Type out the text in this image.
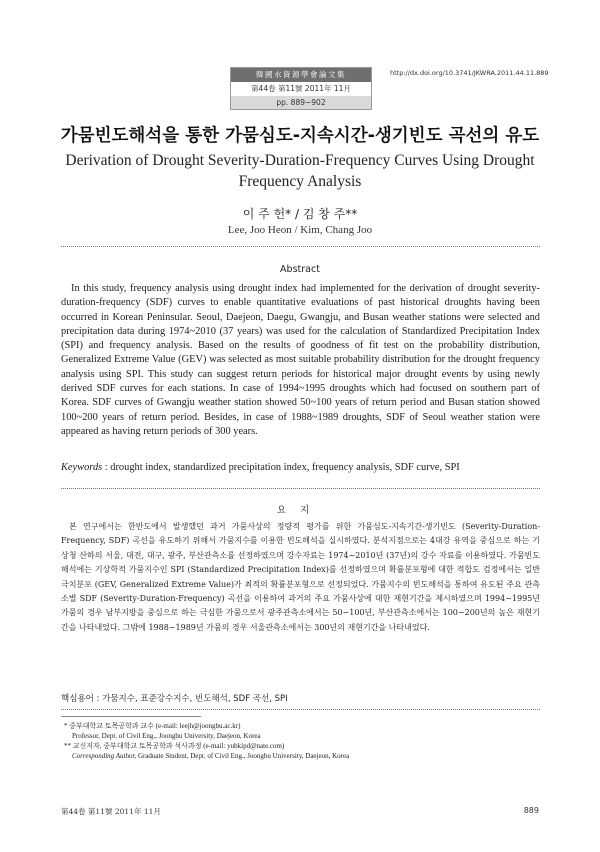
韓國水資源學會論文集
第44卷 第11號 2011年 11月
pp. 889~902
http://dx.doi.org/10.3741/JKWRA.2011.44.11.889
가뭄빈도해석을 통한 가뭄심도-지속시간-생기빈도 곡선의 유도
Derivation of Drought Severity-Duration-Frequency Curves Using Drought Frequency Analysis
이 주 헌* / 김 창 주**
Lee, Joo Heon / Kim, Chang Joo
Abstract

In this study, frequency analysis using drought index had implemented for the derivation of drought severity-duration-frequency (SDF) curves to enable quantitative evaluations of past historical droughts having been occurred in Korean Peninsular. Seoul, Daejeon, Daegu, Gwangju, and Busan weather stations were selected and precipitation data during 1974~2010 (37 years) was used for the calculation of Standardized Precipitation Index (SPI) and frequency analysis. Based on the results of goodness of fit test on the probability distribution, Generalized Extreme Value (GEV) was selected as most suitable probability distribution for the drought frequency analysis using SPI. This study can suggest return periods for historical major drought events by using newly derived SDF curves for each stations. In case of 1994~1995 droughts which had focused on southern part of Korea. SDF curves of Gwangju weather station showed 50~100 years of return period and Busan station showed 100~200 years of return period. Besides, in case of 1988~1989 droughts, SDF of Seoul weather station were appeared as having return periods of 300 years.

Keywords : drought index, standardized precipitation index, frequency analysis, SDF curve, SPI
요지

본 연구에서는 한반도에서 발생했던 과거 가뭄사상의 정량적 평가를 위한 가뭄심도-지속기간-생기빈도 (Severity-Duration-Frequency, SDF) 곡선을 유도하기 위해서 가뭄지수를 이용한 빈도해석을 실시하였다. 분석지점으로는 4대강 유역을 중심으로 하는 기상청 산하의 서울, 대전, 대구, 광주, 부산관측소를 선정하였으며 강수자료는 1974~2010년 (37년)의 강수 자료를 이용하였다. 가뭄빈도해석에는 기상학적 가뭄지수인 SPI (Standardized Precipitation Index)를 선정하였으며 확률분포형에 대한 적합도 검정에서는 일반극치분포 (GEV, Generalized Extreme Value)가 최적의 확률분포형으로 선정되었다. 가뭄지수의 빈도해석을 통하여 유도된 주요 관측소별 SDF (Severity-Duration-Frequency) 곡선을 이용하여 과거의 주요 가뭄사상에 대한 재현기간을 제시하였으며 1994~1995년 가뭄의 경우 남부지방을 중심으로 하는 극심한 가뭄으로서 광주관측소에서는 50~100년, 부산관측소에서는 100~200년의 높은 재현기간을 나타내었다. 그밖에 1988~1989년 가뭄의 경우 서울관측소에서는 300년의 재현기간을 나타내었다.

핵심용어 : 가뭄지수, 표준강수지수, 빈도해석, SDF 곡선, SPI
* 중부대학교 토목공학과 교수 (e-mail: leejh@joongbu.ac.kr)
Professor, Dept. of Civil Eng., Joongbu University, Daejeon, Korea
** 교신저자, 중부대학교 토목공학과 석사과정 (e-mail: yubkipd@nate.com)
Corresponding Author, Graduate Student, Dept. of Civil Eng., Joongbu University, Daejeon, Korea
第44卷 第11號 2011年 11月	889
